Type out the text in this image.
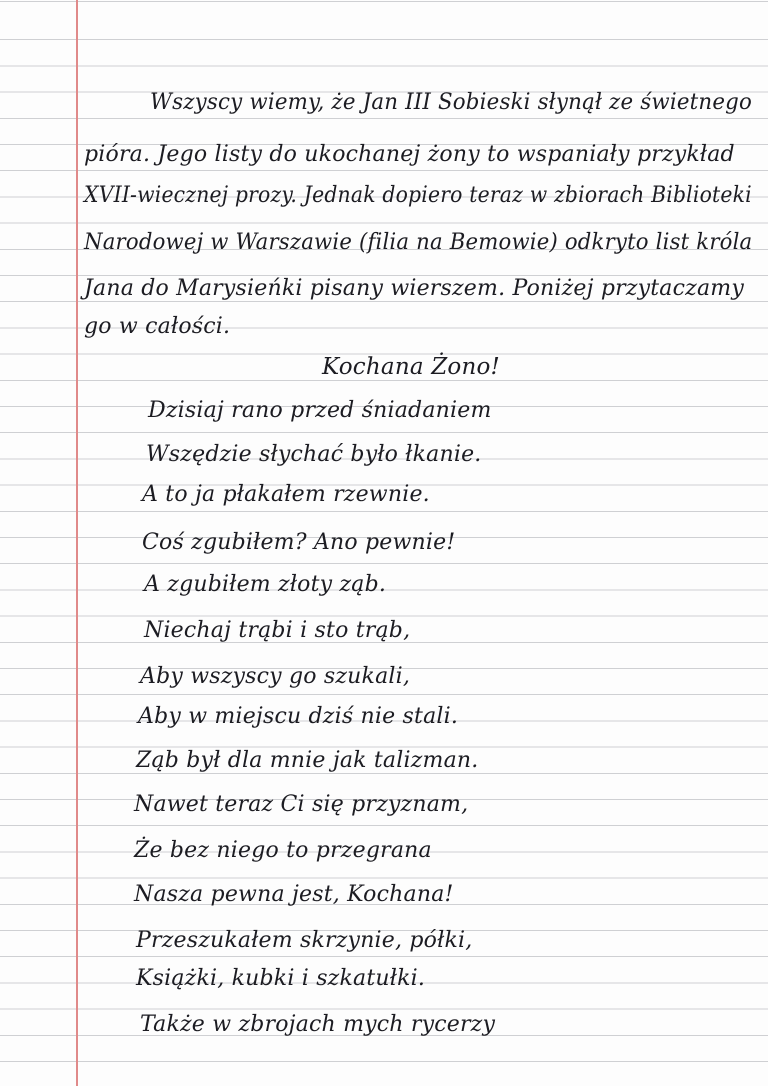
Wszyscy wiemy, że Jan III Sobieski słynął ze świetnego
pióra. Jego listy do ukochanej żony to wspaniały przykład
XVII-wiecznej prozy. Jednak dopiero teraz w zbiorach Biblioteki
Narodowej w Warszawie (filia na Bemowie) odkryto list króla
Jana do Marysieńki pisany wierszem. Poniżej przytaczamy
go w całości.
Kochana Żono!
Dzisiaj rano przed śniadaniem
Wszędzie słychać było łkanie.
A to ja płakałem rzewnie.
Coś zgubiłem? Ano pewnie!
A zgubiłem złoty ząb.
Niechaj trąbi i sto trąb,
Aby wszyscy go szukali,
Aby w miejscu dziś nie stali.
Ząb był dla mnie jak talizman.
Nawet teraz Ci się przyznam,
Że bez niego to przegrana
Nasza pewna jest, Kochana!
Przeszukałem skrzynie, półki,
Książki, kubki i szkatułki.
Także w zbrojach mych rycerzy
